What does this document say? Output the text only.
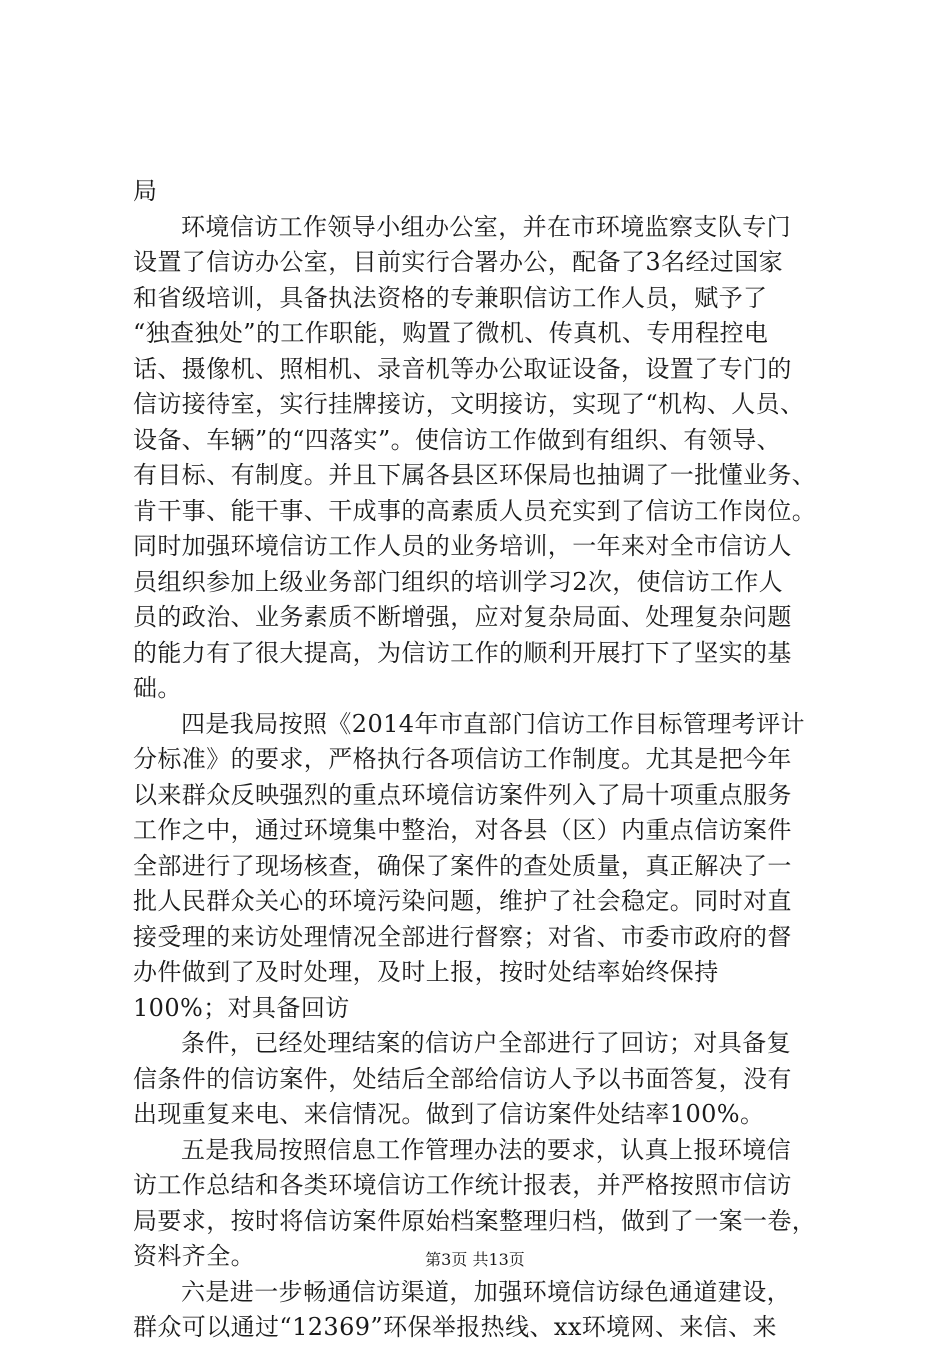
局
环境信访工作领导小组办公室，并在市环境监察支队专门
设置了信访办公室，目前实行合署办公，配备了3名经过国家
和省级培训，具备执法资格的专兼职信访工作人员，赋予了
“独查独处”的工作职能，购置了微机、传真机、专用程控电
话、摄像机、照相机、录音机等办公取证设备，设置了专门的
信访接待室，实行挂牌接访，文明接访，实现了“机构、人员、
设备、车辆”的“四落实”。使信访工作做到有组织、有领导、
有目标、有制度。并且下属各县区环保局也抽调了一批懂业务、
肯干事、能干事、干成事的高素质人员充实到了信访工作岗位。
同时加强环境信访工作人员的业务培训，一年来对全市信访人
员组织参加上级业务部门组织的培训学习2次，使信访工作人
员的政治、业务素质不断增强，应对复杂局面、处理复杂问题
的能力有了很大提高，为信访工作的顺利开展打下了坚实的基
础。
四是我局按照《2014年市直部门信访工作目标管理考评计
分标准》的要求，严格执行各项信访工作制度。尤其是把今年
以来群众反映强烈的重点环境信访案件列入了局十项重点服务
工作之中，通过环境集中整治，对各县（区）内重点信访案件
全部进行了现场核查，确保了案件的查处质量，真正解决了一
批人民群众关心的环境污染问题，维护了社会稳定。同时对直
接受理的来访处理情况全部进行督察；对省、市委市政府的督
办件做到了及时处理，及时上报，按时处结率始终保持
100%；对具备回访
条件，已经处理结案的信访户全部进行了回访；对具备复
信条件的信访案件，处结后全部给信访人予以书面答复，没有
出现重复来电、来信情况。做到了信访案件处结率100%。
五是我局按照信息工作管理办法的要求，认真上报环境信
访工作总结和各类环境信访工作统计报表，并严格按照市信访
局要求，按时将信访案件原始档案整理归档，做到了一案一卷，
资料齐全。
六是进一步畅通信访渠道，加强环境信访绿色通道建设，
群众可以通过“12369”环保举报热线、xx环境网、来信、来
第3页 共13页
